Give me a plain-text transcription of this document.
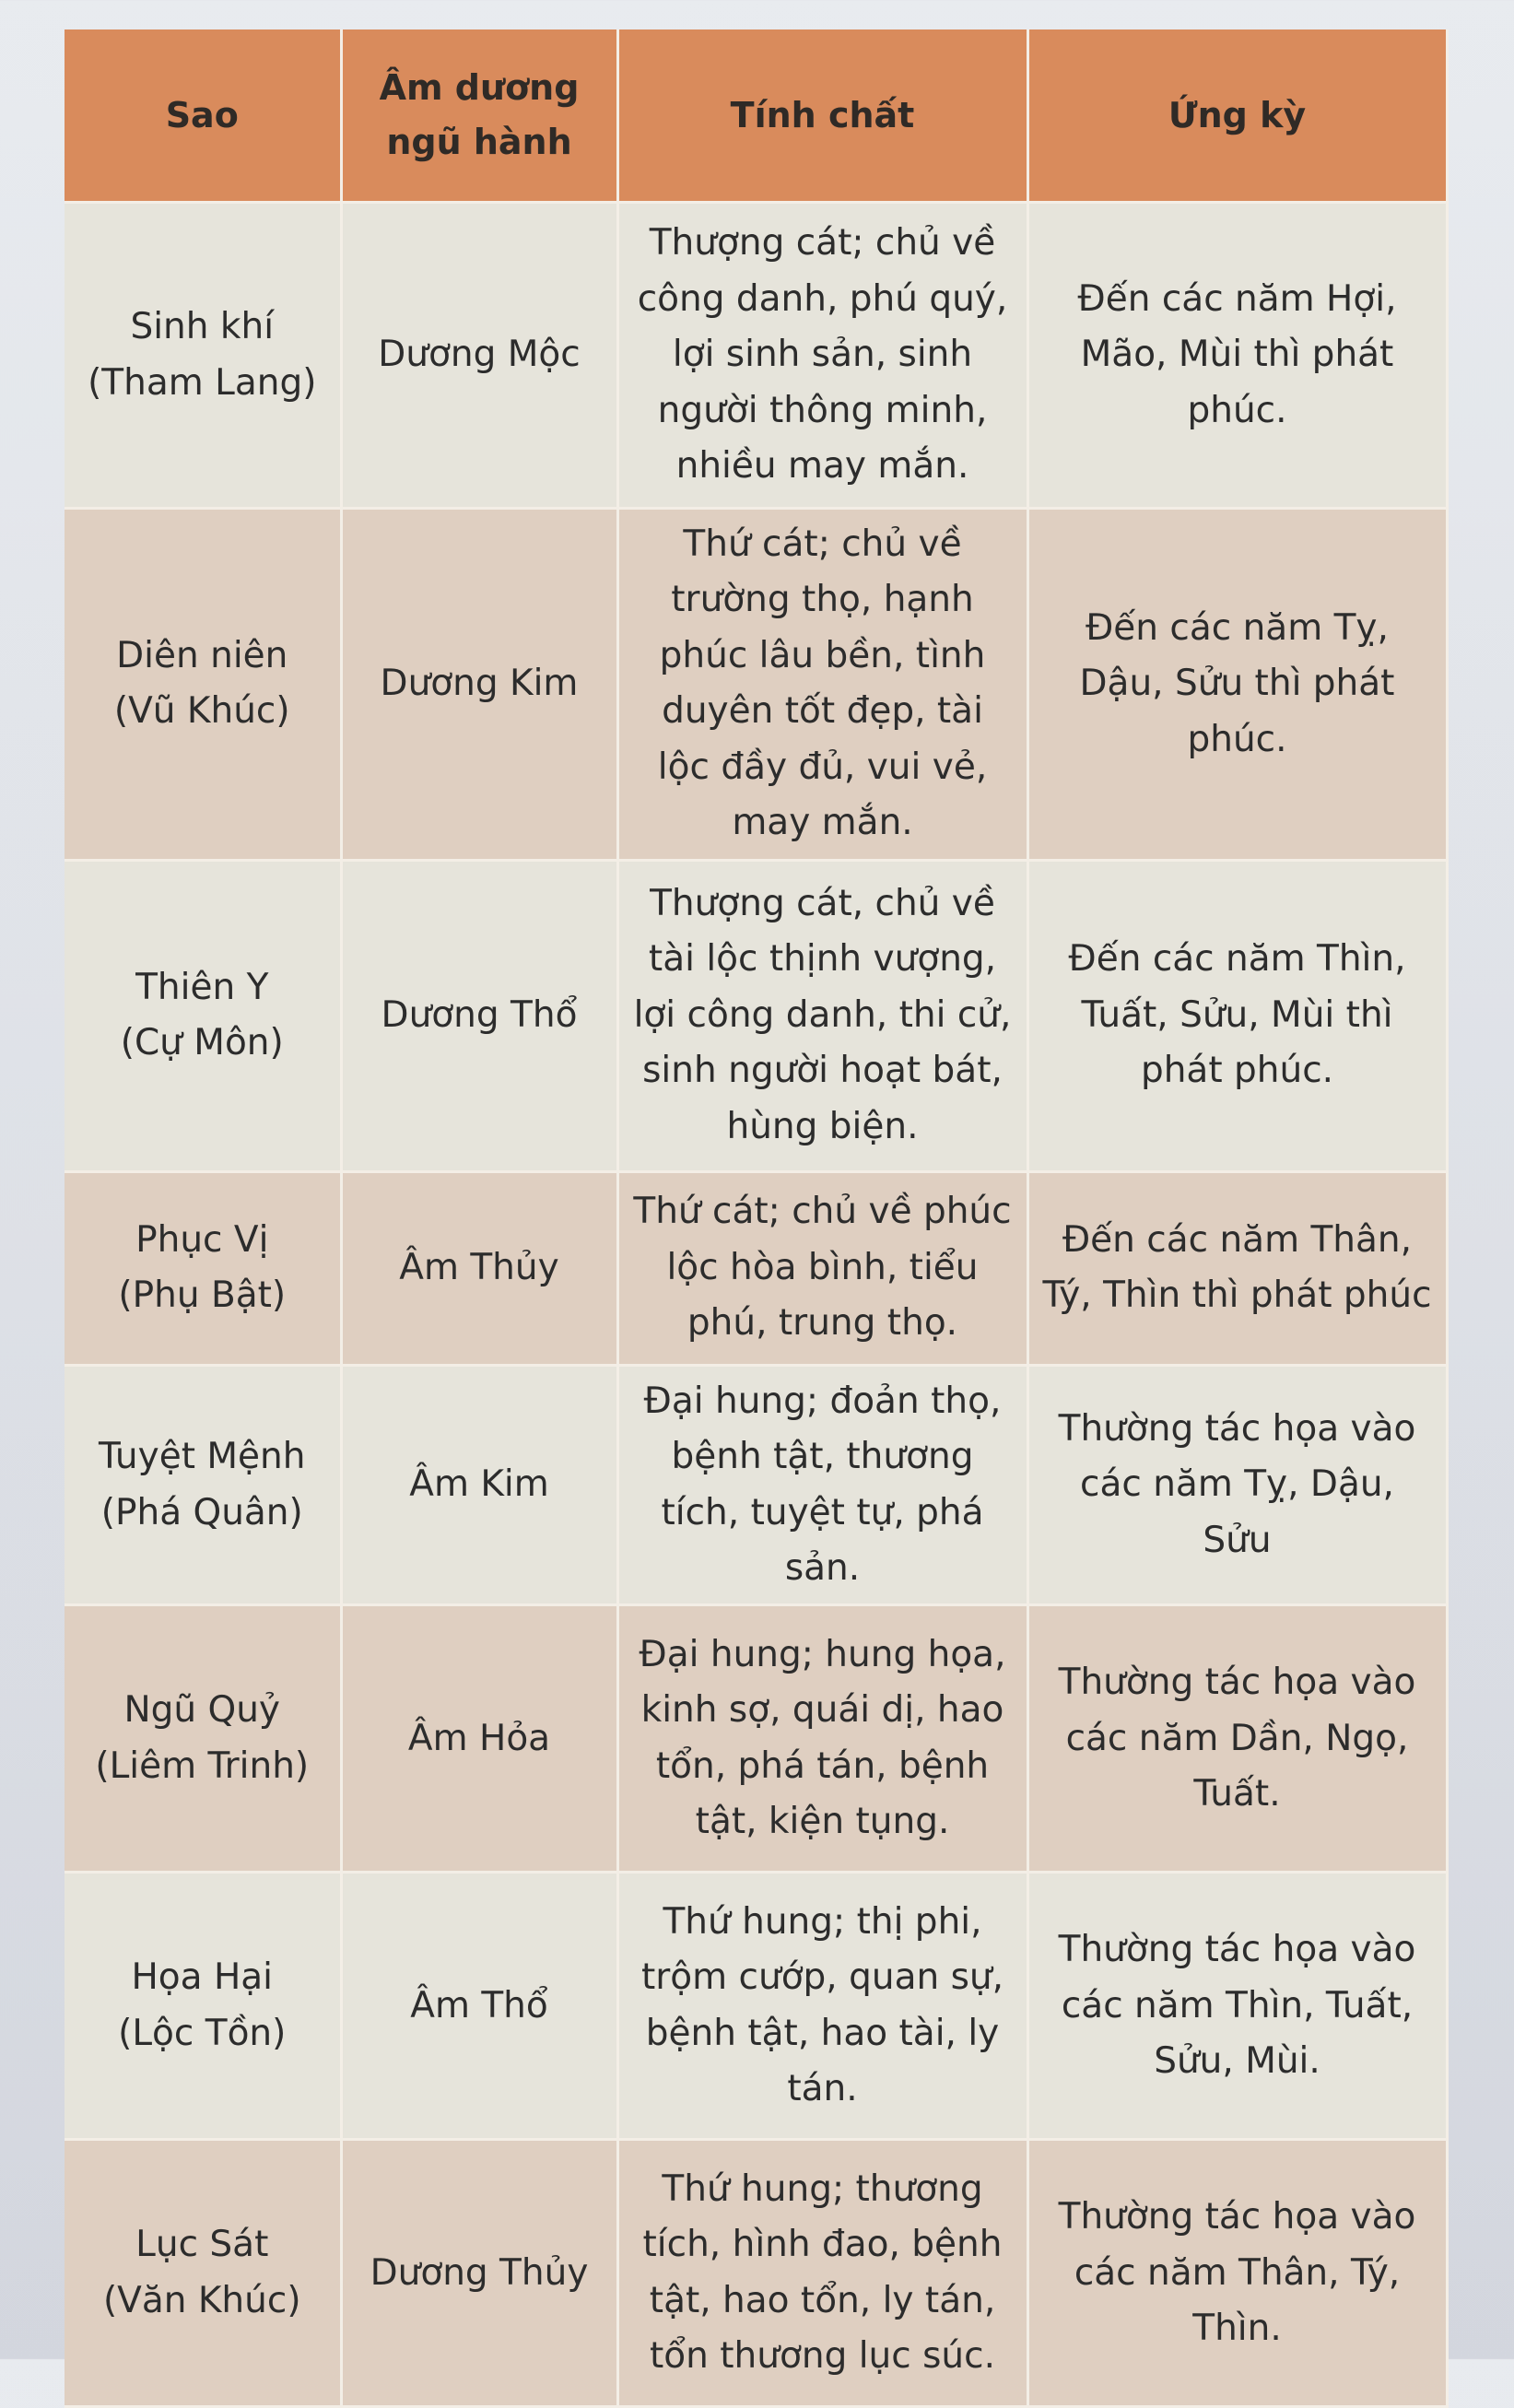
Sao	Âm dương ngũ hành	Tính chất	Ứng kỳ

Sinh khí
(Tham Lang)	Dương Mộc	Thượng cát; chủ về công danh, phú quý, lợi sinh sản, sinh người thông minh, nhiều may mắn.	Đến các năm Hợi, Mão, Mùi thì phát phúc.

Diên niên
(Vũ Khúc)	Dương Kim	Thứ cát; chủ về trường thọ, hạnh phúc lâu bền, tình duyên tốt đẹp, tài lộc đầy đủ, vui vẻ, may mắn.	Đến các năm Tỵ, Dậu, Sửu thì phát phúc.

Thiên Y
(Cự Môn)	Dương Thổ	Thượng cát, chủ về tài lộc thịnh vượng, lợi công danh, thi cử, sinh người hoạt bát, hùng biện.	Đến các năm Thìn, Tuất, Sửu, Mùi thì phát phúc.

Phục Vị
(Phụ Bật)	Âm Thủy	Thứ cát; chủ về phúc lộc hòa bình, tiểu phú, trung thọ.	Đến các năm Thân, Tý, Thìn thì phát phúc

Tuyệt Mệnh
(Phá Quân)	Âm Kim	Đại hung; đoản thọ, bệnh tật, thương tích, tuyệt tự, phá sản.	Thường tác họa vào các năm Tỵ, Dậu, Sửu

Ngũ Quỷ
(Liêm Trinh)	Âm Hỏa	Đại hung; hung họa, kinh sợ, quái dị, hao tổn, phá tán, bệnh tật, kiện tụng.	Thường tác họa vào các năm Dần, Ngọ, Tuất.

Họa Hại
(Lộc Tồn)	Âm Thổ	Thứ hung; thị phi, trộm cướp, quan sự, bệnh tật, hao tài, ly tán.	Thường tác họa vào các năm Thìn, Tuất, Sửu, Mùi.

Lục Sát
(Văn Khúc)	Dương Thủy	Thứ hung; thương tích, hình đao, bệnh tật, hao tổn, ly tán, tổn thương lục súc.	Thường tác họa vào các năm Thân, Tý, Thìn.
